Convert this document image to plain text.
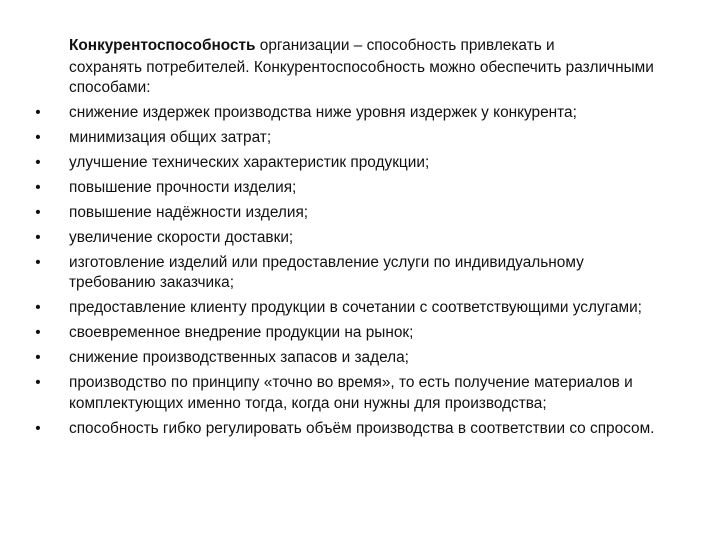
Конкурентоспособность организации – способность привлекать и
сохранять потребителей. Конкурентоспособность можно обеспечить различными способами:

• снижение издержек производства ниже уровня издержек у конкурента;
• минимизация общих затрат;
• улучшение технических характеристик продукции;
• повышение прочности изделия;
• повышение надёжности изделия;
• увеличение скорости доставки;
• изготовление изделий или предоставление услуги по индивидуальному требованию заказчика;
• предоставление клиенту продукции в сочетании с соответствующими услугами;
• своевременное внедрение продукции на рынок;
• снижение производственных запасов и задела;
• производство по принципу «точно во время», то есть получение материалов и комплектующих именно тогда, когда они нужны для производства;
• способность гибко регулировать объём производства в соответствии со спросом.
